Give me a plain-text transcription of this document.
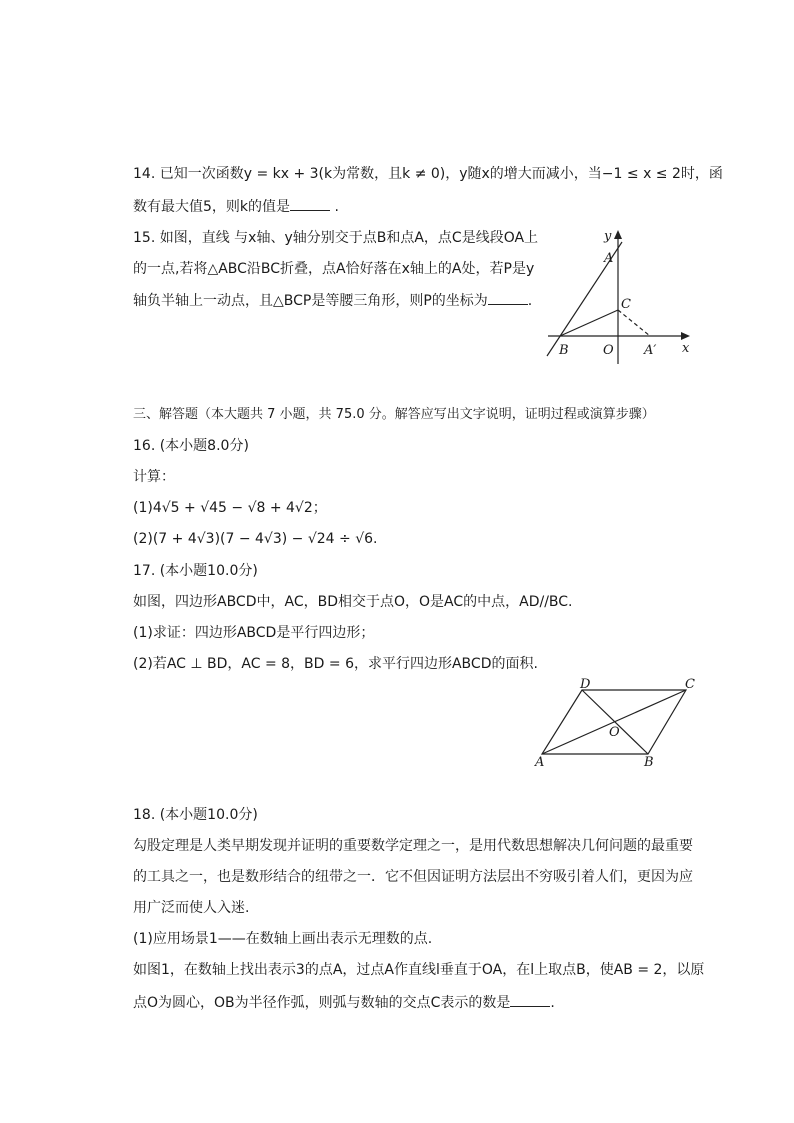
14. 已知一次函数y = kx + 3(k为常数，且k ≠ 0)，y随x的增大而减小，当−1 ≤ x ≤ 2时，函
数有最大值5，则k的值是	.
15. 如图，直线 与x轴、y轴分别交于点B和点A，点C是线段OA上
的一点,若将△ABC沿BC折叠，点A恰好落在x轴上的A处，若P是y
轴负半轴上一动点，且△BCP是等腰三角形，则P的坐标为	.
y
A
C
B	O A′ x
三、解答题（本大题共 7 小题，共 75.0 分。解答应写出文字说明，证明过程或演算步骤）
16. (本小题8.0分)
计算：
(1)4√5 + √45 − √8 + 4√2；
(2)(7 + 4√3)(7 − 4√3) − √24 ÷ √6.
17. (本小题10.0分)
如图，四边形ABCD中，AC，BD相交于点O，O是AC的中点，AD//BC.
(1)求证：四边形ABCD是平行四边形；
(2)若AC ⊥ BD，AC = 8，BD = 6，求平行四边形ABCD的面积.
D	C
O
A	B
18. (本小题10.0分)
勾股定理是人类早期发现并证明的重要数学定理之一，是用代数思想解决几何问题的最重要
的工具之一，也是数形结合的纽带之一．它不但因证明方法层出不穷吸引着人们，更因为应
用广泛而使人入迷.
(1)应用场景1——在数轴上画出表示无理数的点.
如图1，在数轴上找出表示3的点A，过点A作直线l垂直于OA，在l上取点B，使AB = 2，以原
点O为圆心，OB为半径作弧，则弧与数轴的交点C表示的数是	.
